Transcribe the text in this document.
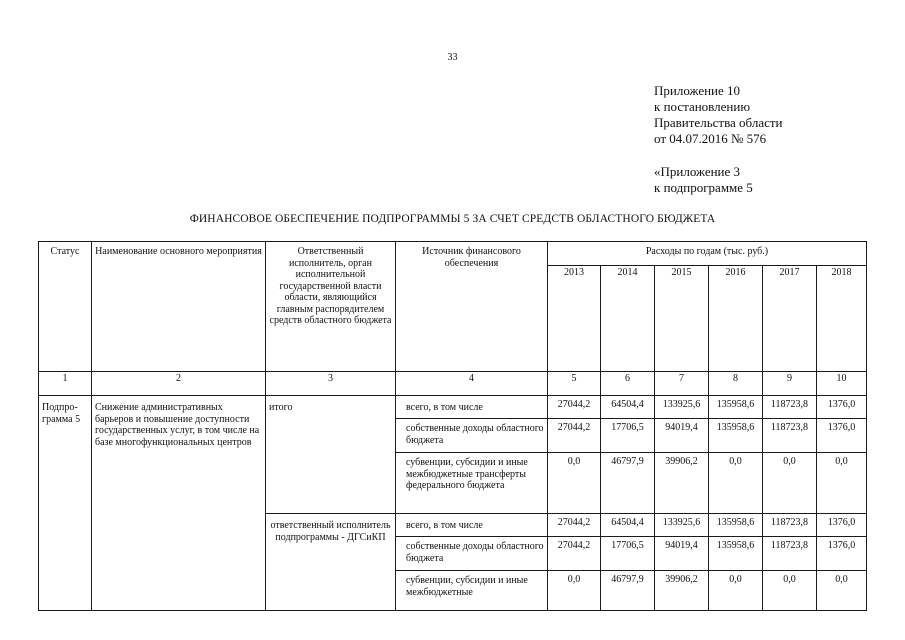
33
Приложение 10
к постановлению
Правительства области
от 04.07.2016 № 576
«Приложение 3
к подпрограмме 5
ФИНАНСОВОЕ ОБЕСПЕЧЕНИЕ ПОДПРОГРАММЫ 5 ЗА СЧЕТ СРЕДСТВ ОБЛАСТНОГО БЮДЖЕТА
Статус	Наименование основного мероприятия	Ответственный исполнитель, орган исполнительной государственной власти области, являющийся главным распорядителем средств областного бюджета	Источник финансового обеспечения	Расходы по годам (тыс. руб.)					
				2013	2014	2015	2016	2017	2018
1	2	3	4	5	6	7	8	9	10
Подпро-грамма 5	Снижение административных барьеров и повышение доступности государственных услуг, в том числе на базе многофункциональных центров	итого	всего, в том числе	27044,2	64504,4	133925,6	135958,6	118723,8	1376,0
			собственные доходы областного бюджета	27044,2	17706,5	94019,4	135958,6	118723,8	1376,0
			субвенции, субсидии и иные межбюджетные трансферты федерального бюджета	0,0	46797,9	39906,2	0,0	0,0	0,0
		ответственный исполнитель подпрограммы - ДГСиКП	всего, в том числе	27044,2	64504,4	133925,6	135958,6	118723,8	1376,0
			собственные доходы областного бюджета	27044,2	17706,5	94019,4	135958,6	118723,8	1376,0
			субвенции, субсидии и иные межбюджетные	0,0	46797,9	39906,2	0,0	0,0	0,0
